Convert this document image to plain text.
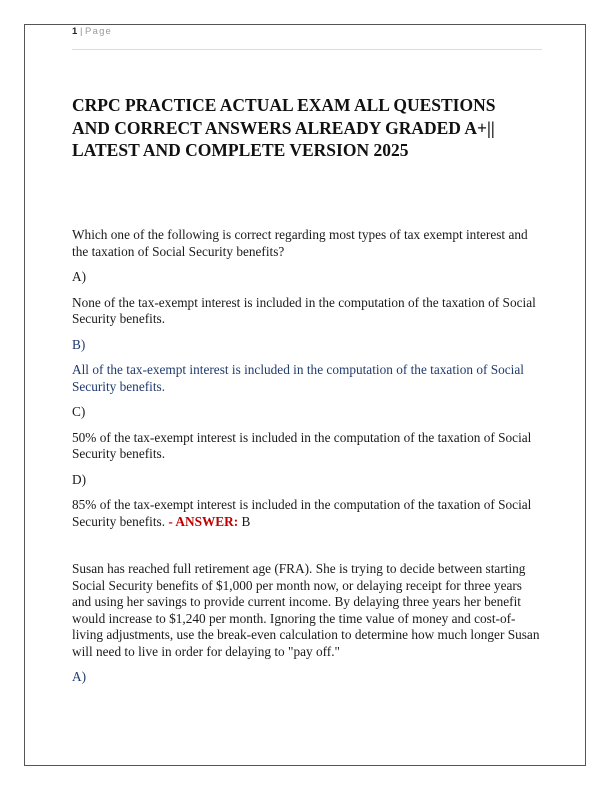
1 | Page
CRPC PRACTICE ACTUAL EXAM ALL QUESTIONS AND CORRECT ANSWERS ALREADY GRADED A+|| LATEST AND COMPLETE VERSION 2025

Which one of the following is correct regarding most types of tax exempt interest and the taxation of Social Security benefits?

A)

None of the tax-exempt interest is included in the computation of the taxation of Social Security benefits.

B)

All of the tax-exempt interest is included in the computation of the taxation of Social Security benefits.

C)

50% of the tax-exempt interest is included in the computation of the taxation of Social Security benefits.

D)

85% of the tax-exempt interest is included in the computation of the taxation of Social Security benefits. - ANSWER: B

Susan has reached full retirement age (FRA). She is trying to decide between starting Social Security benefits of $1,000 per month now, or delaying receipt for three years and using her savings to provide current income. By delaying three years her benefit would increase to $1,240 per month. Ignoring the time value of money and cost-of-living adjustments, use the break-even calculation to determine how much longer Susan will need to live in order for delaying to "pay off."

A)
